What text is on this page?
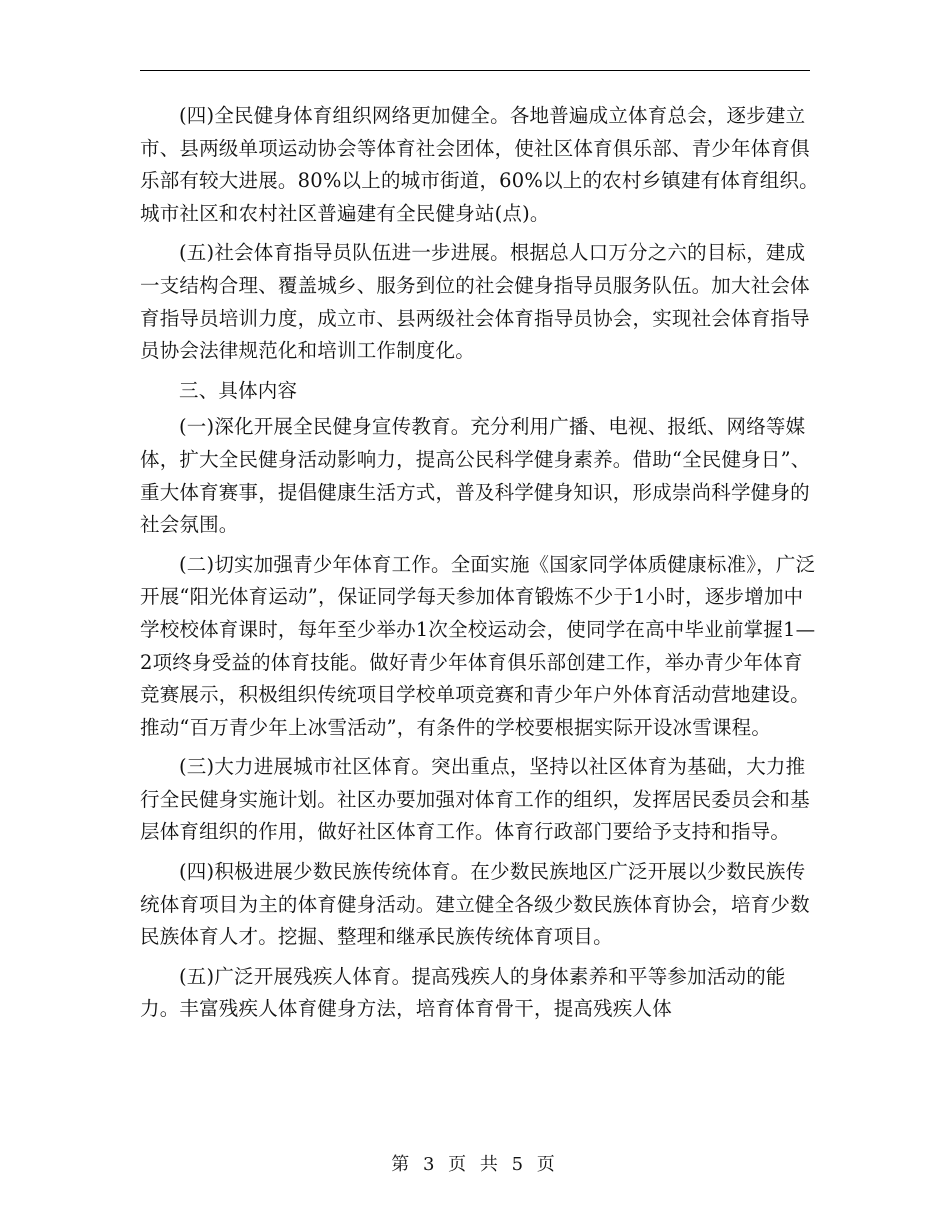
(四)全民健身体育组织网络更加健全。各地普遍成立体育总会，逐步建立市、县两级单项运动协会等体育社会团体，使社区体育俱乐部、青少年体育俱乐部有较大进展。80%以上的城市街道，60%以上的农村乡镇建有体育组织。城市社区和农村社区普遍建有全民健身站(点)。

(五)社会体育指导员队伍进一步进展。根据总人口万分之六的目标，建成一支结构合理、覆盖城乡、服务到位的社会健身指导员服务队伍。加大社会体育指导员培训力度，成立市、县两级社会体育指导员协会，实现社会体育指导员协会法律规范化和培训工作制度化。

三、具体内容

(一)深化开展全民健身宣传教育。充分利用广播、电视、报纸、网络等媒体，扩大全民健身活动影响力，提高公民科学健身素养。借助“全民健身日”、重大体育赛事，提倡健康生活方式，普及科学健身知识，形成崇尚科学健身的社会氛围。

(二)切实加强青少年体育工作。全面实施《国家同学体质健康标准》，广泛开展“阳光体育运动”，保证同学每天参加体育锻炼不少于1小时，逐步增加中学校校体育课时，每年至少举办1次全校运动会，使同学在高中毕业前掌握1—2项终身受益的体育技能。做好青少年体育俱乐部创建工作，举办青少年体育竞赛展示，积极组织传统项目学校单项竞赛和青少年户外体育活动营地建设。推动“百万青少年上冰雪活动”，有条件的学校要根据实际开设冰雪课程。

(三)大力进展城市社区体育。突出重点，坚持以社区体育为基础，大力推行全民健身实施计划。社区办要加强对体育工作的组织，发挥居民委员会和基层体育组织的作用，做好社区体育工作。体育行政部门要给予支持和指导。

(四)积极进展少数民族传统体育。在少数民族地区广泛开展以少数民族传统体育项目为主的体育健身活动。建立健全各级少数民族体育协会，培育少数民族体育人才。挖掘、整理和继承民族传统体育项目。

(五)广泛开展残疾人体育。提高残疾人的身体素养和平等参加活动的能力。丰富残疾人体育健身方法，培育体育骨干，提高残疾人体

第 3 页 共 5 页
